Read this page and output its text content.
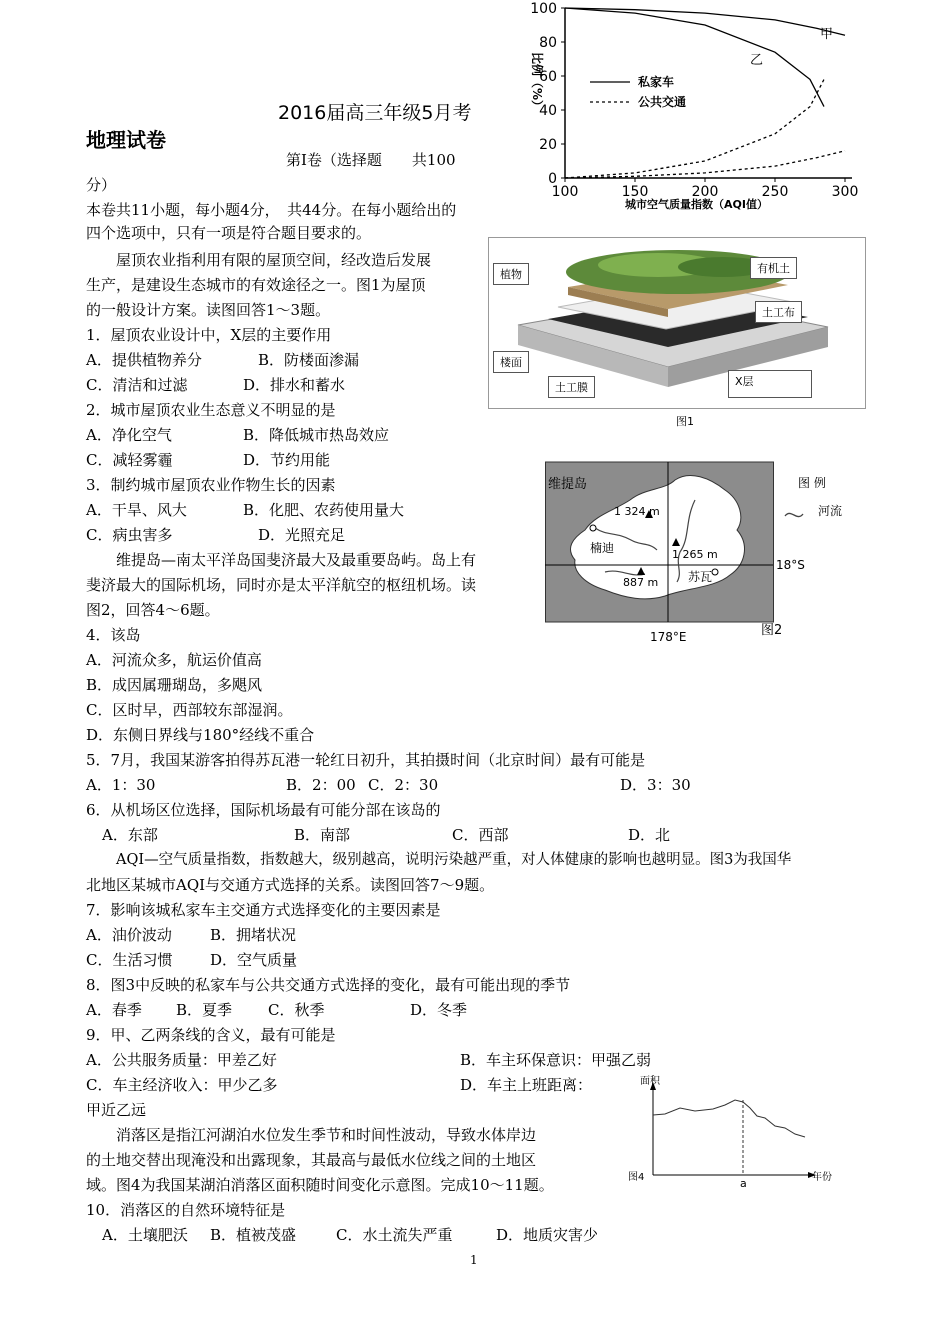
2016届高三年级5月考
地理试卷
第Ⅰ卷（选择题　　共100
分）
本卷共11小题，每小题4分，　共44分。在每小题给出的
四个选项中，只有一项是符合题目要求的。
屋顶农业指利用有限的屋顶空间，经改造后发展
生产，是建设生态城市的有效途径之一。图1为屋顶
的一般设计方案。读图回答1～3题。
1．屋顶农业设计中，X层的主要作用
A．提供植物养分	B．防楼面渗漏
C．清洁和过滤	D．排水和蓄水
2．城市屋顶农业生态意义不明显的是
A．净化空气	B．降低城市热岛效应
C．减轻雾霾	D．节约用能
3．制约城市屋顶农业作物生长的因素
A．干旱、风大	B．化肥、农药使用量大
C．病虫害多	D．光照充足
维提岛—南太平洋岛国斐济最大及最重要岛屿。岛上有
斐济最大的国际机场，同时亦是太平洋航空的枢纽机场。读
图2，回答4～6题。
4．该岛
A．河流众多，航运价值高
B．成因属珊瑚岛，多飓风
C．区时早，西部较东部湿润。
D．东侧日界线与180°经线不重合
5．7月，我国某游客拍得苏瓦港一轮红日初升，其拍摄时间（北京时间）最有可能是
A．1：30	B．2：00 C．2：30	D．3：30
6．从机场区位选择，国际机场最有可能分部在该岛的
A．东部	B．南部	C．西部	D．北
AQI—空气质量指数，指数越大，级别越高，说明污染越严重，对人体健康的影响也越明显。图3为我国华
北地区某城市AQI与交通方式选择的关系。读图回答7～9题。
7．影响该城私家车主交通方式选择变化的主要因素是
A．油价波动	B．拥堵状况
C．生活习惯	D．空气质量
8．图3中反映的私家车与公共交通方式选择的变化，最有可能出现的季节
A．春季 B．夏季 C．秋季	D．冬季
9．甲、乙两条线的含义，最有可能是
A．公共服务质量：甲差乙好	B．车主环保意识：甲强乙弱
C．车主经济收入：甲少乙多	D．车主上班距离：
甲近乙远
消落区是指江河湖泊水位发生季节和时间性波动，导致水体岸边
的土地交替出现淹没和出露现象，其最高与最低水位线之间的土地区
域。图4为我国某湖泊消落区面积随时间变化示意图。完成10～11题。
10．消落区的自然环境特征是
A．土壤肥沃 B．植被茂盛	C．水土流失严重	D．地质灾害少
1
0
20
40
60
80
100
100	150	200	250	300
比例（%）
城市空气质量指数（AQI值）
私家车
公共交通
甲
乙
植物	有机土
土工布
楼面
土工膜	X层
图1
维提岛	图 例
河流
1 324 m
1 265 m
887 m
楠迪
苏瓦
18°S
178°E	图2
面积
年份
图4	a
